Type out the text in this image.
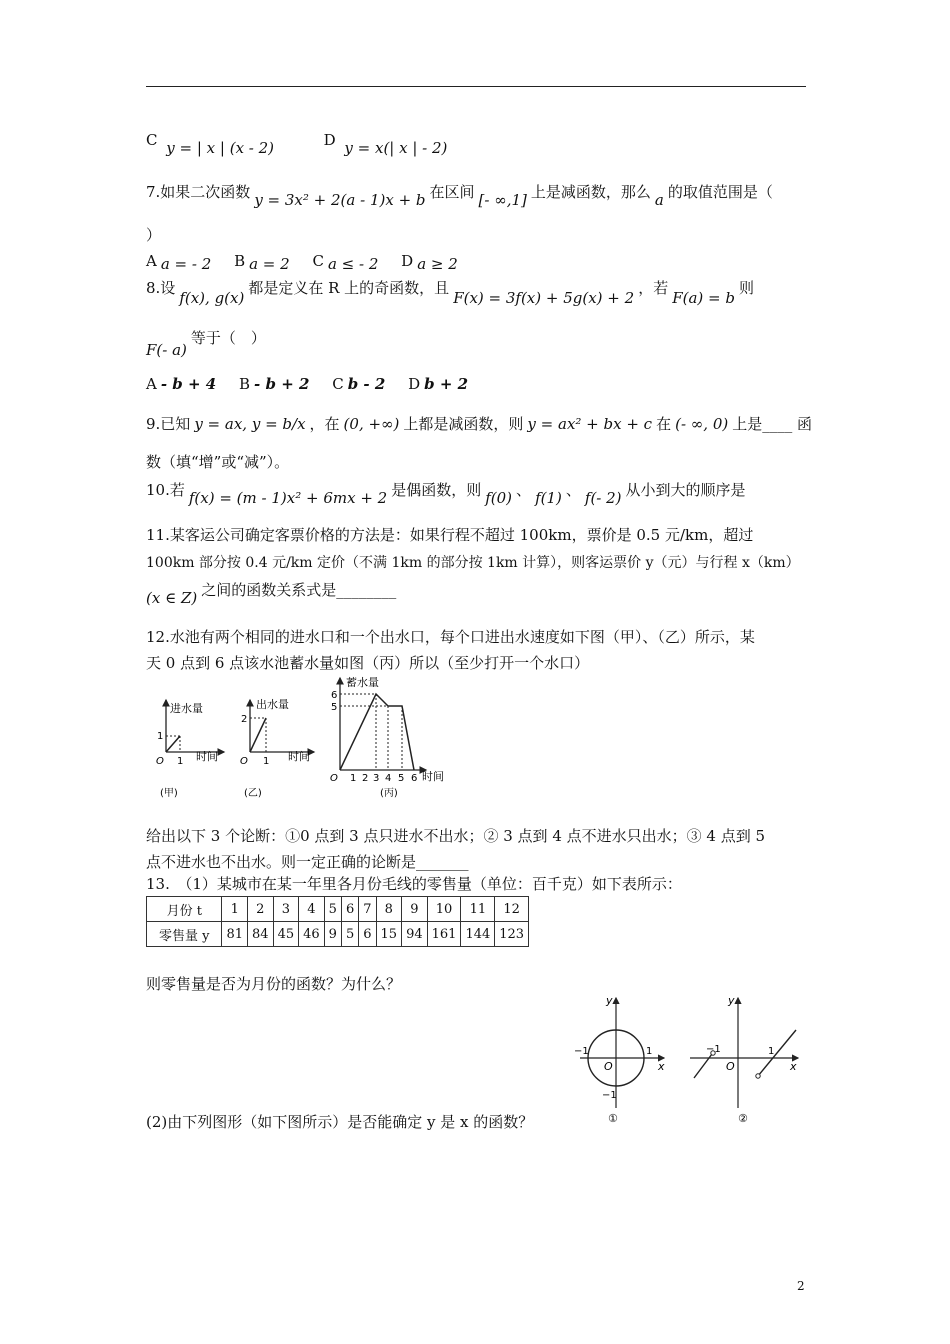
C y = | x | (x - 2)	D y = x(| x | - 2)
7.如果二次函数 y = 3x² + 2(a - 1)x + b 在区间 [- ∞,1] 上是减函数，那么 a 的取值范围是（
）
A a = - 2 B a = 2 C a ≤ - 2 D a ≥ 2
8.设f(x), g(x)都是定义在 R 上的奇函数，且F(x) = 3f(x) + 5g(x) + 2，若F(a) = b则
F(- a)等于（　）
A - b + 4 B - b + 2 C b - 2 D b + 2
9.已知 y = ax, y = b/x ，在 (0, +∞) 上都是减函数，则 y = ax² + bx + c 在 (- ∞, 0) 上是____ 函
数（填“增”或“减”）。
10.若 f(x) = (m - 1)x² + 6mx + 2 是偶函数，则 f(0) 、 f(1) 、 f(- 2) 从小到大的顺序是
11.某客运公司确定客票价格的方法是：如果行程不超过 100km，票价是 0.5 元/km，超过
100km 部分按 0.4 元/km 定价（不满 1km 的部分按 1km 计算），则客运票价 y（元）与行程 x（km）
(x ∈ Z) 之间的函数关系式是________
12.水池有两个相同的进水口和一个出水口，每个口进出水速度如下图（甲）、（乙）所示，某
天 0 点到 6 点该水池蓄水量如图（丙）所以（至少打开一个水口）
进水量
时间
1
1
O
(甲)
出水量
时间
2
1
O
(乙)
蓄水量
时间
6
5
1 2 3 4 5 6
O
(丙)
给出以下 3 个论断：①0 点到 3 点只进水不出水；② 3 点到 4 点不进水只出水；③ 4 点到 5
点不进水也不出水。则一定正确的论断是_______
13.　（1）某城市在某一年里各月份毛线的零售量（单位：百千克）如下表所示：
月份 t	1	2	3	4	5	6	7	8	9	10	11	12
零售量 y	81	84	45	46	9	5	6	15	94	161	144	123
则零售量是否为月份的函数？为什么？
y
x
O
−1	1
−1
①
y
x
O
−1	1
②
(2)由下列图形（如下图所示）是否能确定 y 是 x 的函数？
2
